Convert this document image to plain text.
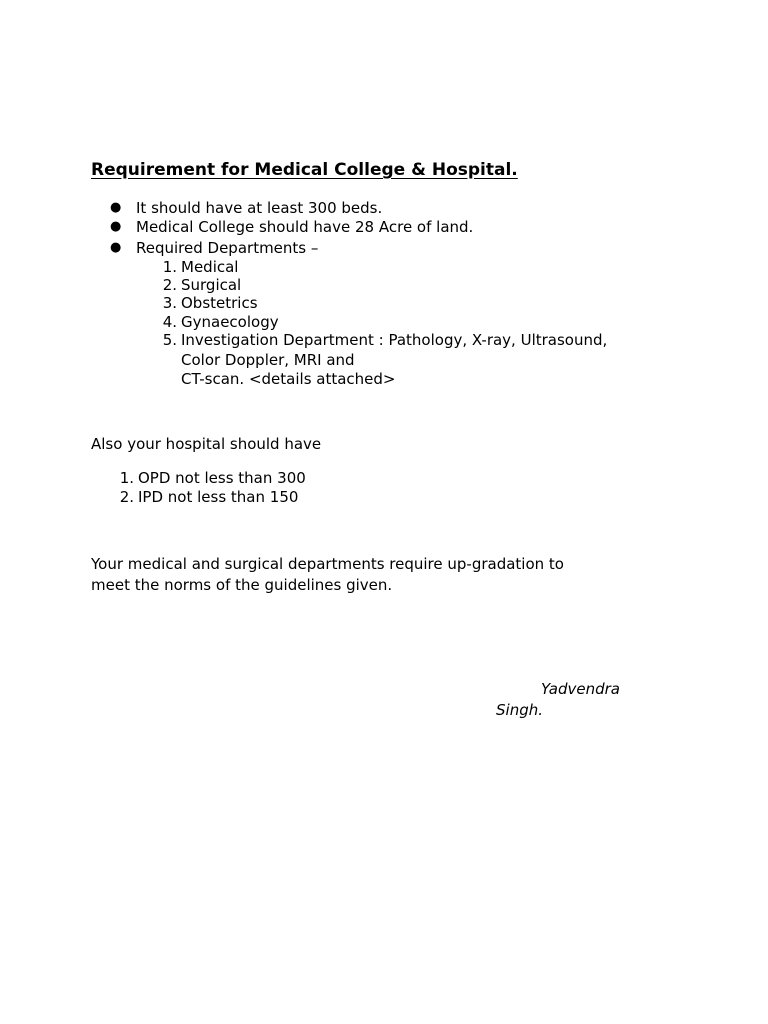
Requirement for Medical College & Hospital.
● It should have at least 300 beds.
● Medical College should have 28 Acre of land.
● Required Departments –
1. Medical
2. Surgical
3. Obstetrics
4. Gynaecology
5. Investigation Department : Pathology, X-ray, Ultrasound,
Color Doppler, MRI and
CT-scan. <details attached>
Also your hospital should have
1. OPD not less than 300
2. IPD not less than 150
Your medical and surgical departments require up-gradation to
meet the norms of the guidelines given.
Yadvendra
Singh.
